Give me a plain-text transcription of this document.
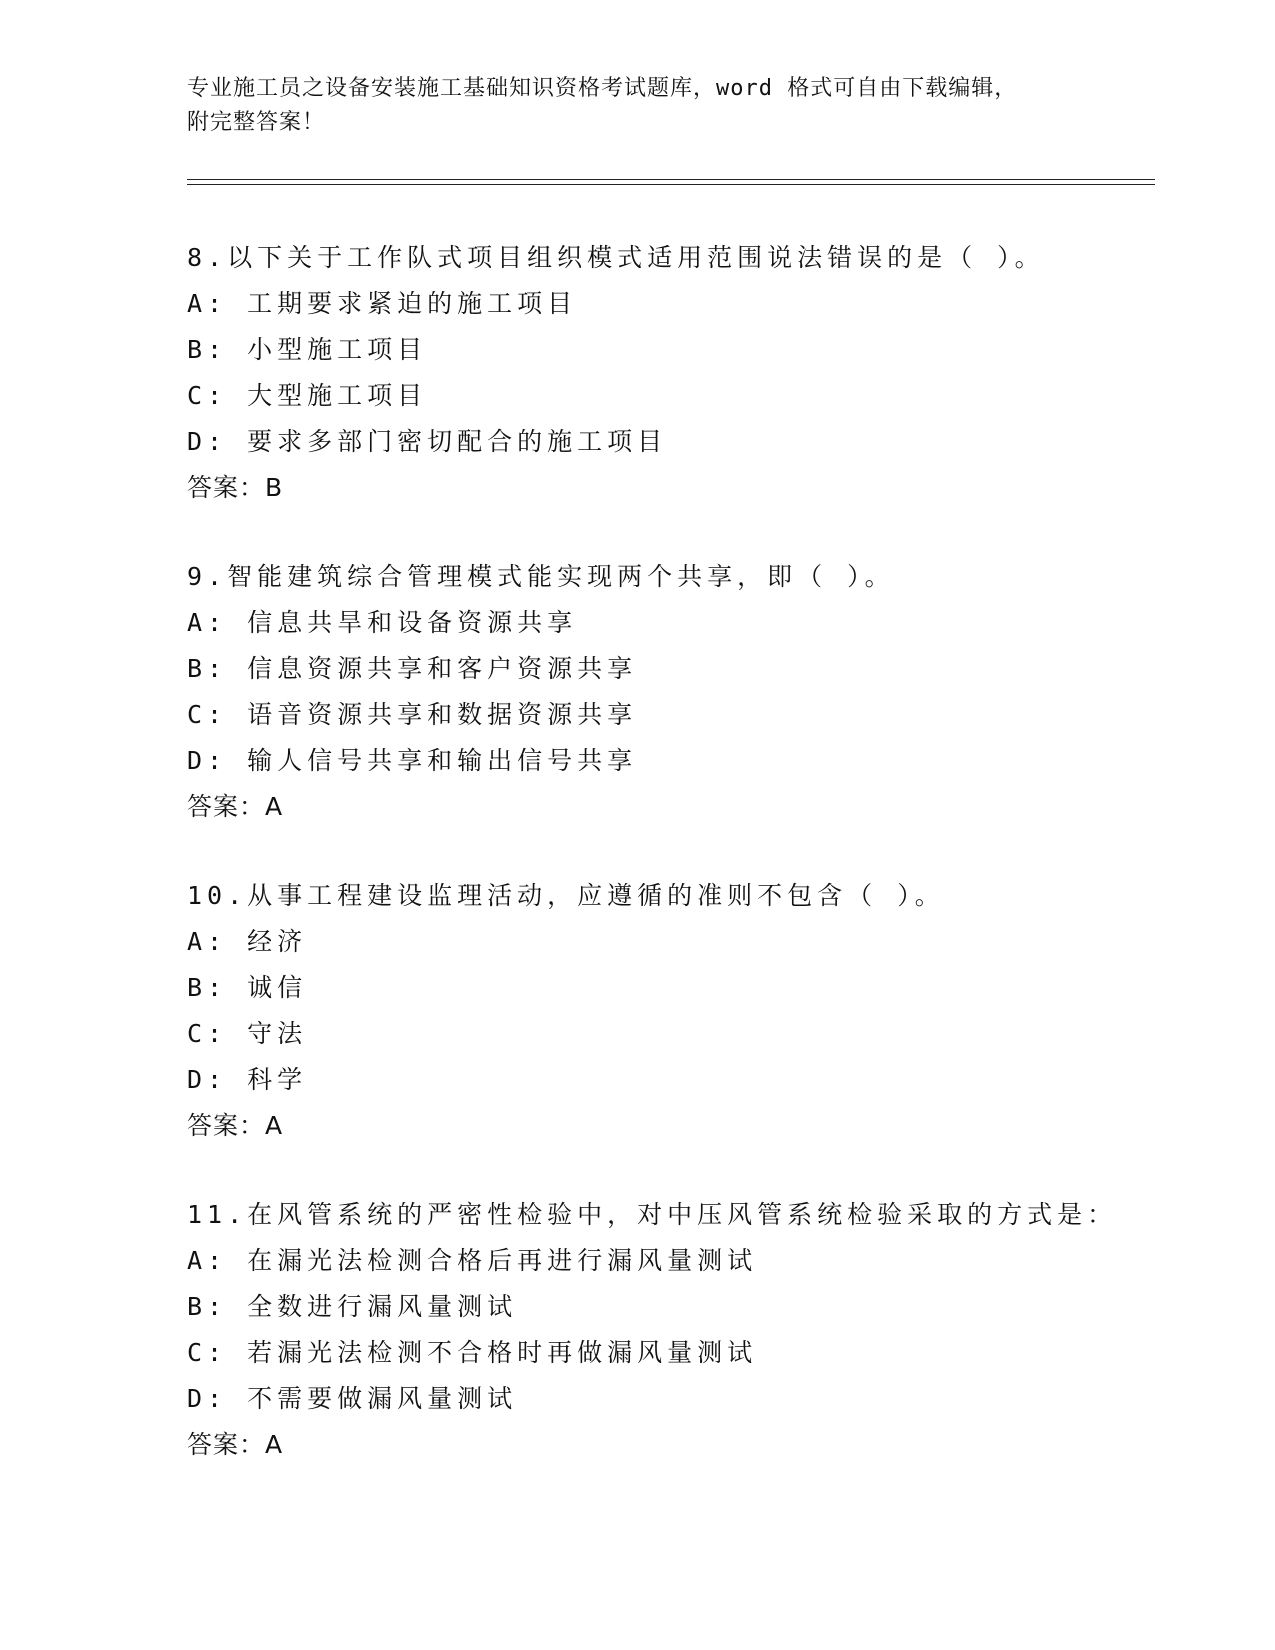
专业施工员之设备安装施工基础知识资格考试题库，word 格式可自由下载编辑，
附完整答案！
8.以下关于工作队式项目组织模式适用范围说法错误的是（ ）。
A: 工期要求紧迫的施工项目
B: 小型施工项目
C: 大型施工项目
D: 要求多部门密切配合的施工项目
答案：B
9.智能建筑综合管理模式能实现两个共享，即（ ）。
A: 信息共旱和设备资源共享
B: 信息资源共享和客户资源共享
C: 语音资源共享和数据资源共享
D: 输人信号共享和输出信号共享
答案：A
10.从事工程建设监理活动，应遵循的准则不包含（ ）。
A: 经济
B: 诚信
C: 守法
D: 科学
答案：A
11.在风管系统的严密性检验中，对中压风管系统检验采取的方式是：
A: 在漏光法检测合格后再进行漏风量测试
B: 全数进行漏风量测试
C: 若漏光法检测不合格时再做漏风量测试
D: 不需要做漏风量测试
答案：A
